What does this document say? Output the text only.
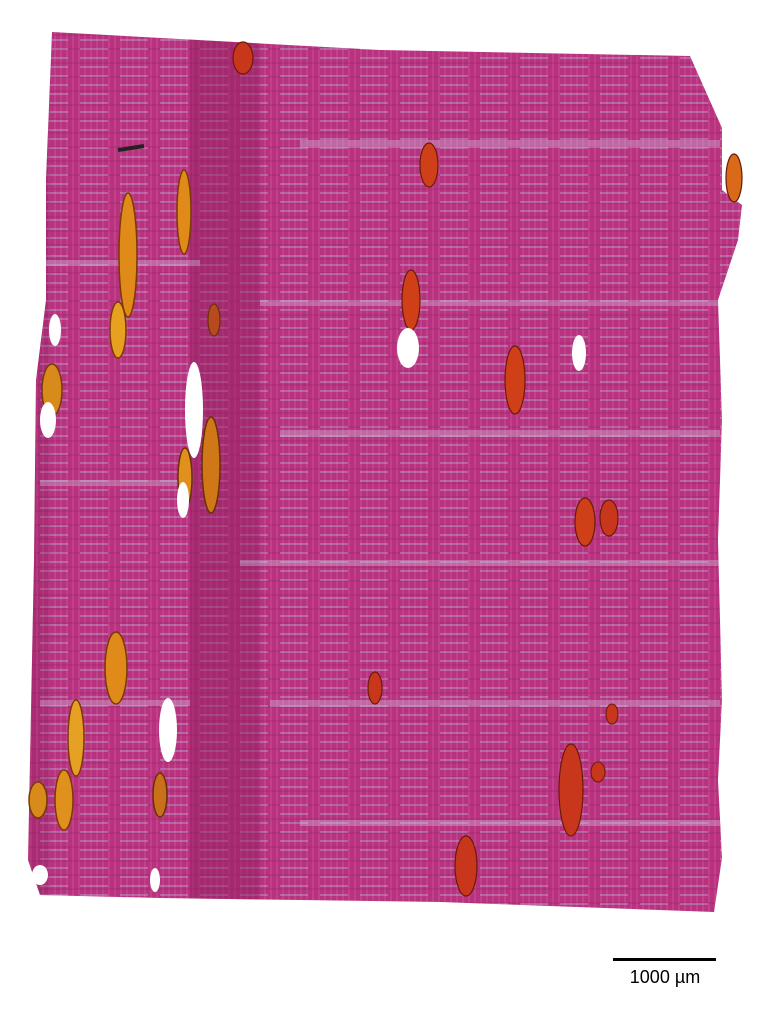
1000 µm
